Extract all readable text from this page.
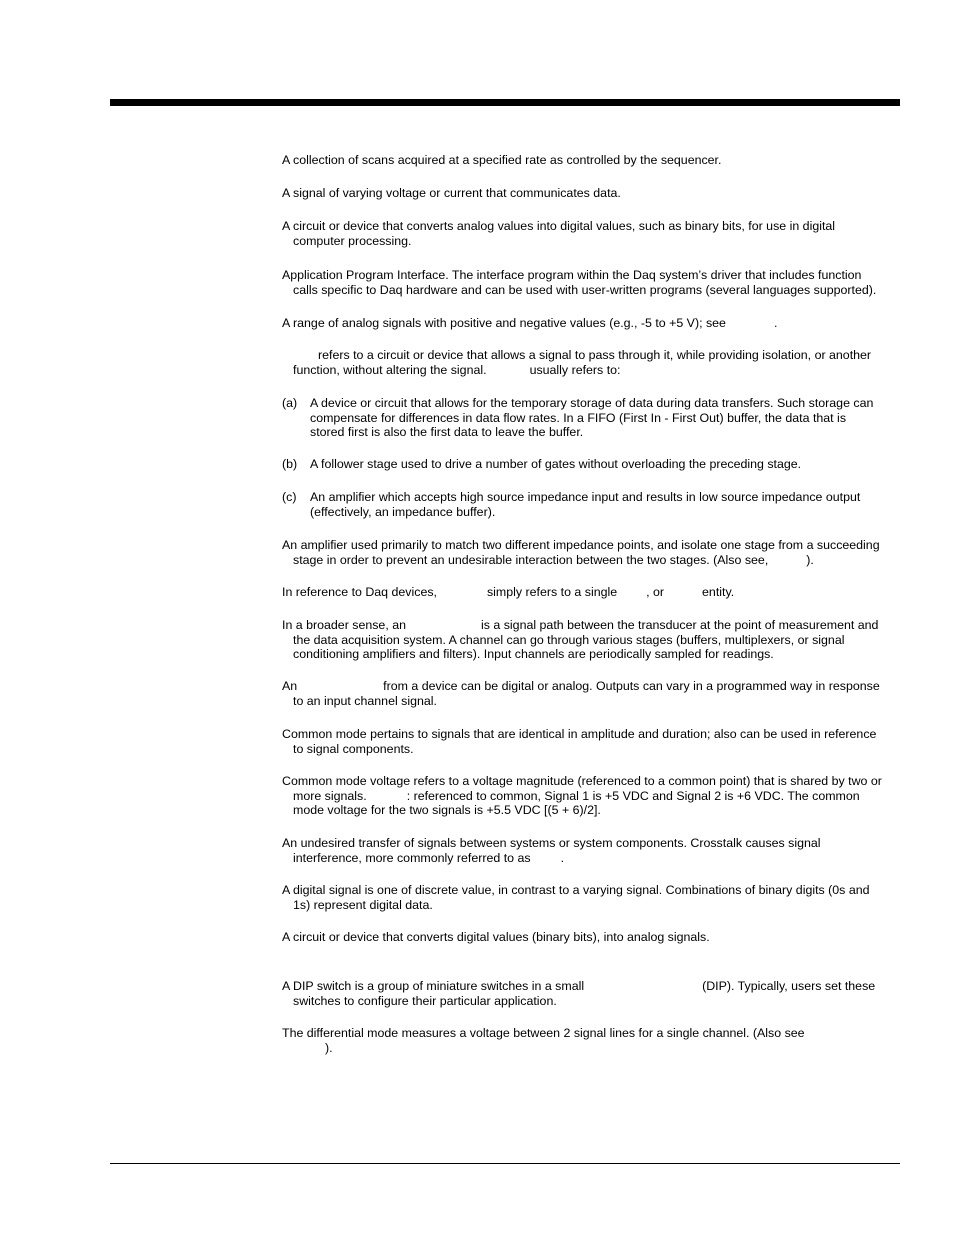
A collection of scans acquired at a specified rate as controlled by the sequencer.
A signal of varying voltage or current that communicates data.
A circuit or device that converts analog values into digital values, such as binary bits, for use in digital
computer processing.
Application Program Interface. The interface program within the Daq system’s driver that includes function
calls specific to Daq hardware and can be used with user-written programs (several languages supported).
A range of analog signals with positive and negative values (e.g., -5 to +5 V); see	.
refers to a circuit or device that allows a signal to pass through it, while providing isolation, or another
function, without altering the signal.	usually refers to:
(a) A device or circuit that allows for the temporary storage of data during data transfers. Such storage can
compensate for differences in data flow rates. In a FIFO (First In - First Out) buffer, the data that is
stored first is also the first data to leave the buffer.
(b) A follower stage used to drive a number of gates without overloading the preceding stage.
(c) An amplifier which accepts high source impedance input and results in low source impedance output
(effectively, an impedance buffer).
An amplifier used primarily to match two different impedance points, and isolate one stage from a succeeding
stage in order to prevent an undesirable interaction between the two stages. (Also see,	).
In reference to Daq devices,	simply refers to a single , or	entity.
In a broader sense, an	is a signal path between the transducer at the point of measurement and
the data acquisition system. A channel can go through various stages (buffers, multiplexers, or signal
conditioning amplifiers and filters). Input channels are periodically sampled for readings.
An	from a device can be digital or analog. Outputs can vary in a programmed way in response
to an input channel signal.
Common mode pertains to signals that are identical in amplitude and duration; also can be used in reference
to signal components.
Common mode voltage refers to a voltage magnitude (referenced to a common point) that is shared by two or
more signals.	: referenced to common, Signal 1 is +5 VDC and Signal 2 is +6 VDC. The common
mode voltage for the two signals is +5.5 VDC [(5 + 6)/2].
An undesired transfer of signals between systems or system components. Crosstalk causes signal
interference, more commonly referred to as .
A digital signal is one of discrete value, in contrast to a varying signal. Combinations of binary digits (0s and
1s) represent digital data.
A circuit or device that converts digital values (binary bits), into analog signals.
A DIP switch is a group of miniature switches in a small	(DIP). Typically, users set these
switches to configure their particular application.
The differential mode measures a voltage between 2 signal lines for a single channel. (Also see
).
